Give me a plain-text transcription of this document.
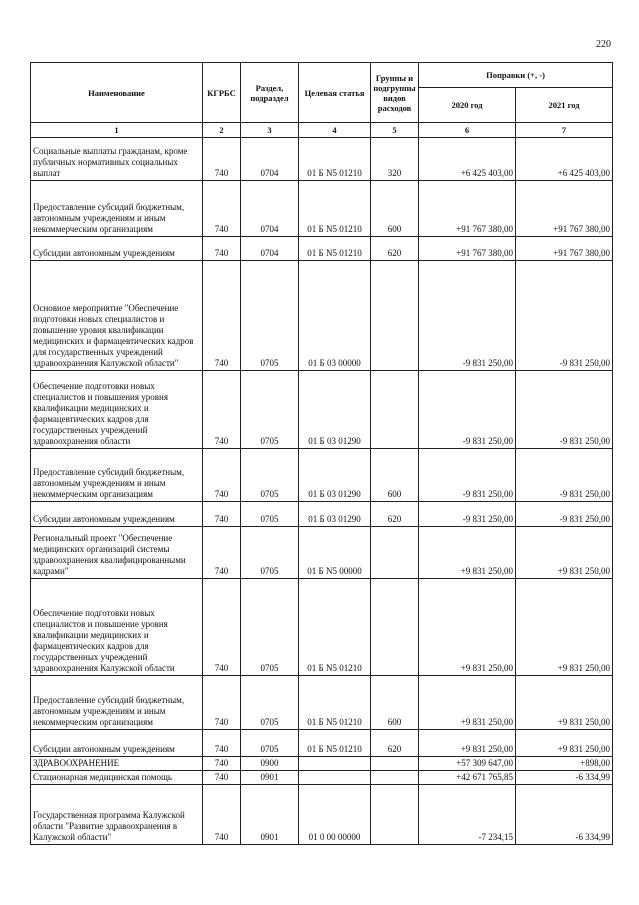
220
Наименование	КГРБС	Раздел, подраздел	Целевая статья	Группы и подгруппы видов расходов	Поправки (+, -)	
					2020 год	2021 год
1	2	3	4	5	6	7
Социальные выплаты гражданам, кроме публичных нормативных социальных выплат	740	0704	01 Б N5 01210	320	+6 425 403,00	+6 425 403,00
Предоставление субсидий бюджетным, автономным учреждениям и иным некоммерческим организациям	740	0704	01 Б N5 01210	600	+91 767 380,00	+91 767 380,00
Субсидии автономным учреждениям	740	0704	01 Б N5 01210	620	+91 767 380,00	+91 767 380,00
Основное мероприятие "Обеспечение подготовки новых специалистов и повышение уровня квалификации медицинских и фармацевтических кадров для государственных учреждений здравоохранения Калужской области"	740	0705	01 Б 03 00000		-9 831 250,00	-9 831 250,00
Обеспечение подготовки новых специалистов и повышения уровня квалификации медицинских и фармацевтических кадров для государственных учреждений здравоохранения области	740	0705	01 Б 03 01290		-9 831 250,00	-9 831 250,00
Предоставление субсидий бюджетным, автономным учреждениям и иным некоммерческим организациям	740	0705	01 Б 03 01290	600	-9 831 250,00	-9 831 250,00
Субсидии автономным учреждениям	740	0705	01 Б 03 01290	620	-9 831 250,00	-9 831 250,00
Региональный проект "Обеспечение медицинских организаций системы здравоохранения квалифицированными кадрами"	740	0705	01 Б N5 00000		+9 831 250,00	+9 831 250,00
Обеспечение подготовки новых специалистов и повышение уровня квалификации медицинских и фармацевтических кадров для государственных учреждений здравоохранения Калужской области	740	0705	01 Б N5 01210		+9 831 250,00	+9 831 250,00
Предоставление субсидий бюджетным, автономным учреждениям и иным некоммерческим организациям	740	0705	01 Б N5 01210	600	+9 831 250,00	+9 831 250,00
Субсидии автономным учреждениям	740	0705	01 Б N5 01210	620	+9 831 250,00	+9 831 250,00
ЗДРАВООХРАНЕНИЕ	740	0900			+57 309 647,00	+898,00
Стационарная медицинская помощь	740	0901			+42 671 765,85	-6 334,99
Государственная программа Калужской области "Развитие здравоохранения в Калужской области"	740	0901	01 0 00 00000		-7 234,15	-6 334,99
